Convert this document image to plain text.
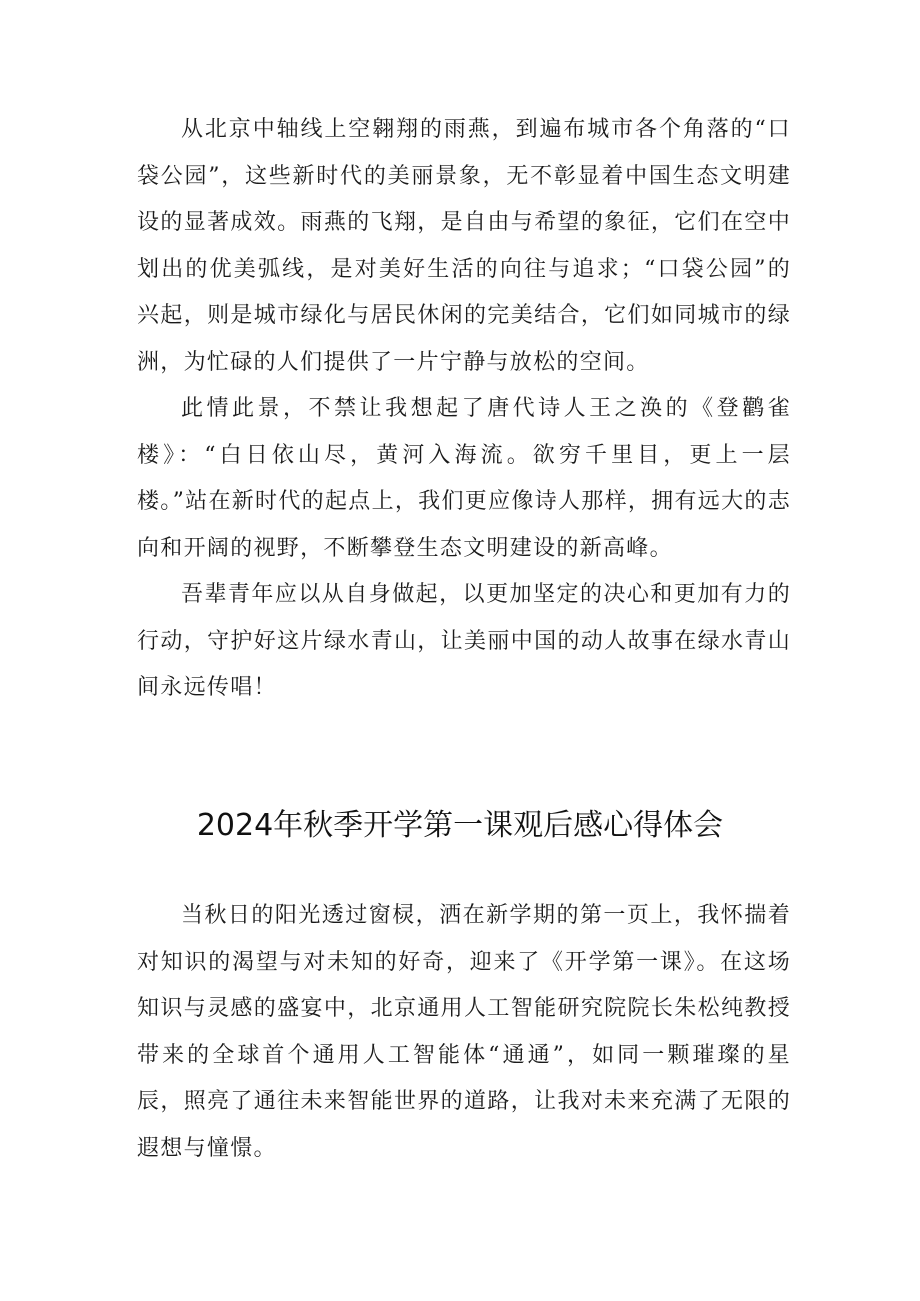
从北京中轴线上空翱翔的雨燕，到遍布城市各个角落的“口袋公园”，这些新时代的美丽景象，无不彰显着中国生态文明建设的显著成效。雨燕的飞翔，是自由与希望的象征，它们在空中划出的优美弧线，是对美好生活的向往与追求；“口袋公园”的兴起，则是城市绿化与居民休闲的完美结合，它们如同城市的绿洲，为忙碌的人们提供了一片宁静与放松的空间。

此情此景，不禁让我想起了唐代诗人王之涣的《登鹳雀楼》：“白日依山尽，黄河入海流。欲穷千里目，更上一层楼。”站在新时代的起点上，我们更应像诗人那样，拥有远大的志向和开阔的视野，不断攀登生态文明建设的新高峰。

吾辈青年应以从自身做起，以更加坚定的决心和更加有力的行动，守护好这片绿水青山，让美丽中国的动人故事在绿水青山间永远传唱！

2024年秋季开学第一课观后感心得体会

当秋日的阳光透过窗棂，洒在新学期的第一页上，我怀揣着对知识的渴望与对未知的好奇，迎来了《开学第一课》。在这场知识与灵感的盛宴中，北京通用人工智能研究院院长朱松纯教授带来的全球首个通用人工智能体“通通”，如同一颗璀璨的星辰，照亮了通往未来智能世界的道路，让我对未来充满了无限的遐想与憧憬。
